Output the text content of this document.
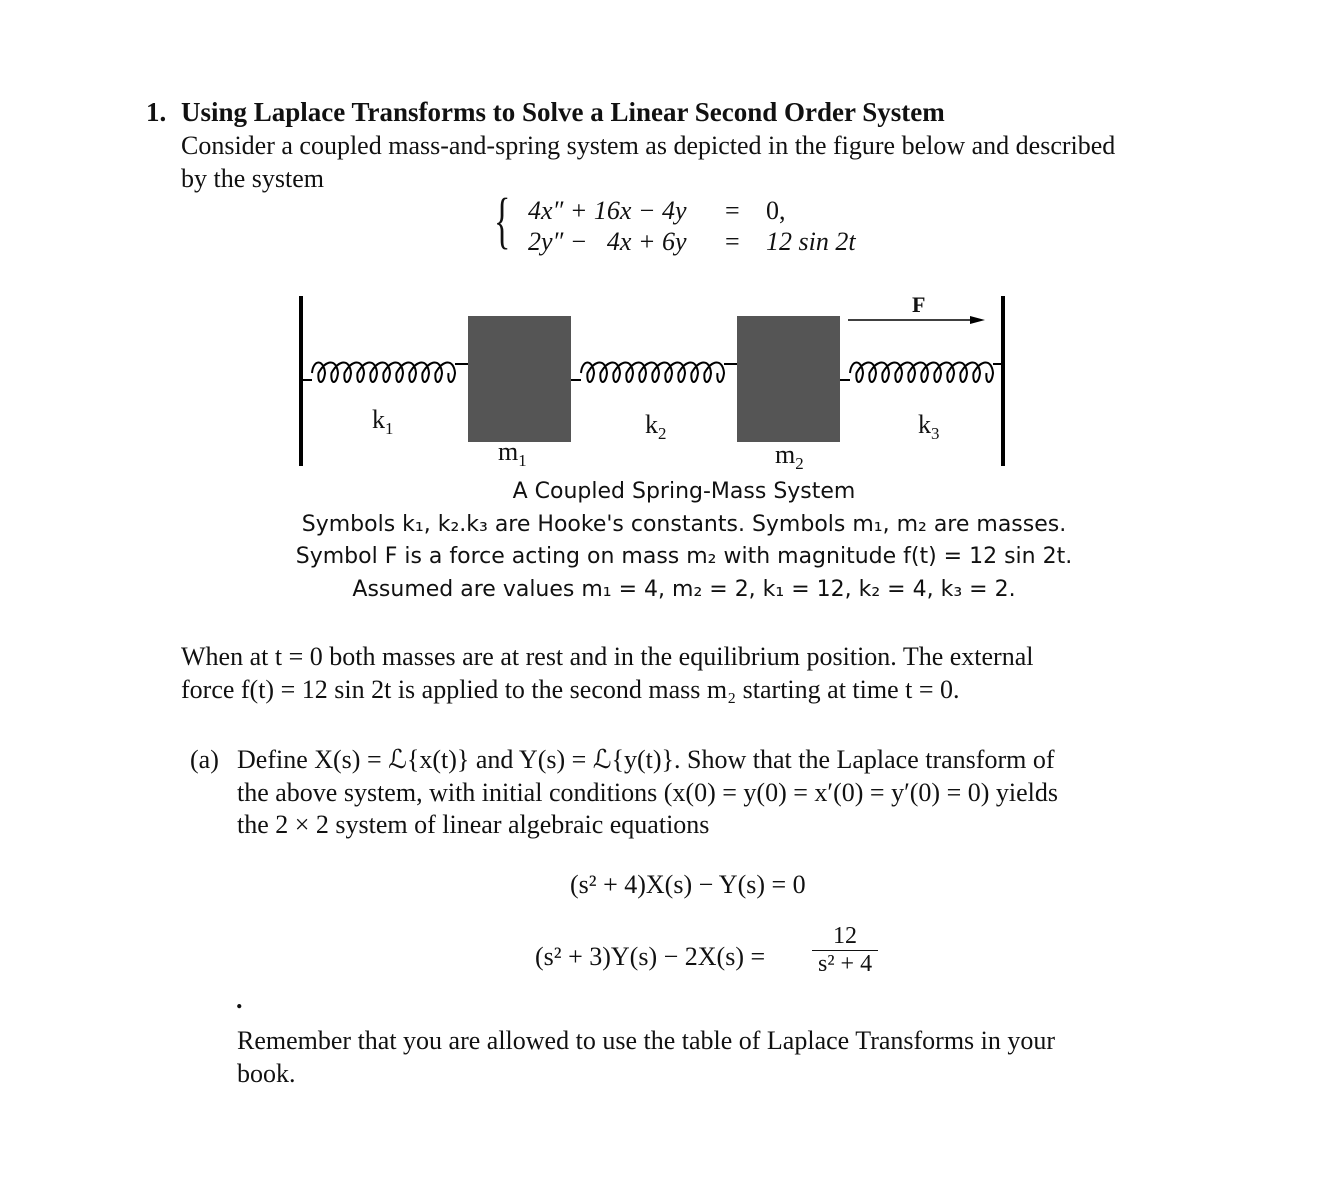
1. Using Laplace Transforms to Solve a Linear Second Order System
Consider a coupled mass-and-spring system as depicted in the figure below and described
by the system
{ 4x″ + 16x − 4y = 0,
2y″ −   4x + 6y = 12 sin 2t
F
$k_1$	$k_2$	$k_3$
$m_1$	$m_2$
A Coupled Spring-Mass System
Symbols k₁, k₂.k₃ are Hooke's constants. Symbols m₁, m₂ are masses.
Symbol F is a force acting on mass m₂ with magnitude f(t) = 12 sin 2t.
Assumed are values m₁ = 4, m₂ = 2, k₁ = 12, k₂ = 4, k₃ = 2.
When at t = 0 both masses are at rest and in the equilibrium position. The external
force f(t) = 12 sin 2t is applied to the second mass m₂ starting at time t = 0.
(a) Define X(s) = ℒ{x(t)} and Y(s) = ℒ{y(t)}. Show that the Laplace transform of
the above system, with initial conditions (x(0) = y(0) = x′(0) = y′(0) = 0) yields
the 2 × 2 system of linear algebraic equations
(s² + 4)X(s) − Y(s) = 0
$(s^2 + 3)Y(s) - 2X(s) = \frac{12}{\text{s² + 4}}$
.
Remember that you are allowed to use the table of Laplace Transforms in your
book.
